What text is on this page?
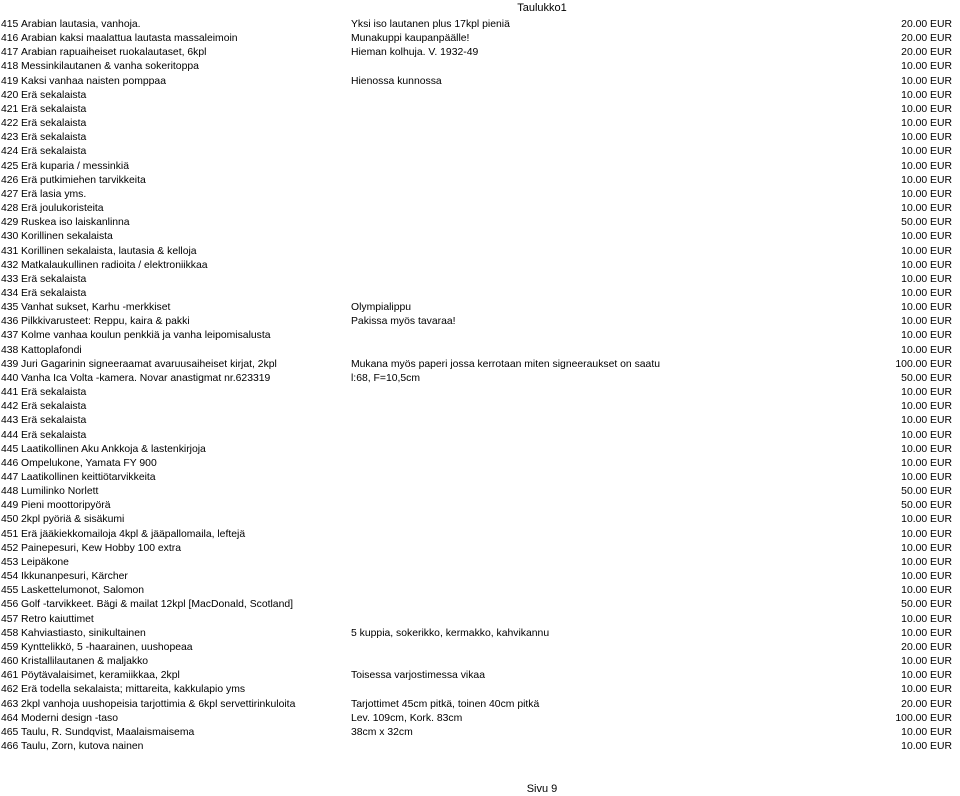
Taulukko1
415 Arabian lautasia, vanhoja.	Yksi iso lautanen plus 17kpl pieniä	20.00 EUR
416 Arabian kaksi maalattua lautasta massaleimoin	Munakuppi kaupanpäälle!	20.00 EUR
417 Arabian rapuaiheiset ruokalautaset, 6kpl	Hieman kolhuja. V. 1932-49	20.00 EUR
418 Messinkilautanen & vanha sokeritoppa	10.00 EUR
419 Kaksi vanhaa naisten pomppaa	Hienossa kunnossa	10.00 EUR
420 Erä sekalaista	10.00 EUR
421 Erä sekalaista	10.00 EUR
422 Erä sekalaista	10.00 EUR
423 Erä sekalaista	10.00 EUR
424 Erä sekalaista	10.00 EUR
425 Erä kuparia / messinkiä	10.00 EUR
426 Erä putkimiehen tarvikkeita	10.00 EUR
427 Erä lasia yms.	10.00 EUR
428 Erä joulukoristeita	10.00 EUR
429 Ruskea iso laiskanlinna	50.00 EUR
430 Korillinen sekalaista	10.00 EUR
431 Korillinen sekalaista, lautasia & kelloja	10.00 EUR
432 Matkalaukullinen radioita / elektroniikkaa	10.00 EUR
433 Erä sekalaista	10.00 EUR
434 Erä sekalaista	10.00 EUR
435 Vanhat sukset, Karhu -merkkiset	Olympialippu	10.00 EUR
436 Pilkkivarusteet: Reppu, kaira & pakki	Pakissa myös tavaraa!	10.00 EUR
437 Kolme vanhaa koulun penkkiä ja vanha leipomisalusta	10.00 EUR
438 Kattoplafondi	10.00 EUR
439 Juri Gagarinin signeeraamat avaruusaiheiset kirjat, 2kpl	Mukana myös paperi jossa kerrotaan miten signeeraukset on saatu	100.00 EUR
440 Vanha Ica Volta -kamera. Novar anastigmat nr.623319	l:68, F=10,5cm	50.00 EUR
441 Erä sekalaista	10.00 EUR
442 Erä sekalaista	10.00 EUR
443 Erä sekalaista	10.00 EUR
444 Erä sekalaista	10.00 EUR
445 Laatikollinen Aku Ankkoja & lastenkirjoja	10.00 EUR
446 Ompelukone, Yamata FY 900	10.00 EUR
447 Laatikollinen keittiötarvikkeita	10.00 EUR
448 Lumilinko Norlett	50.00 EUR
449 Pieni moottoripyörä	50.00 EUR
450 2kpl pyöriä & sisäkumi	10.00 EUR
451 Erä jääkiekkomailoja 4kpl & jääpallomaila, leftejä	10.00 EUR
452 Painepesuri, Kew Hobby 100 extra	10.00 EUR
453 Leipäkone	10.00 EUR
454 Ikkunanpesuri, Kärcher	10.00 EUR
455 Laskettelumonot, Salomon	10.00 EUR
456 Golf -tarvikkeet. Bägi & mailat 12kpl [MacDonald, Scotland]	50.00 EUR
457 Retro kaiuttimet	10.00 EUR
458 Kahviastiasto, sinikultainen	5 kuppia, sokerikko, kermakko, kahvikannu	10.00 EUR
459 Kynttelikkö, 5 -haarainen, uushopeaa	20.00 EUR
460 Kristallilautanen & maljakko	10.00 EUR
461 Pöytävalaisimet, keramiikkaa, 2kpl	Toisessa varjostimessa vikaa	10.00 EUR
462 Erä todella sekalaista; mittareita, kakkulapio yms	10.00 EUR
463 2kpl vanhoja uushopeisia tarjottimia & 6kpl servettirinkuloita	Tarjottimet 45cm pitkä, toinen 40cm pitkä	20.00 EUR
464 Moderni design -taso	Lev. 109cm, Kork. 83cm	100.00 EUR
465 Taulu, R. Sundqvist, Maalaismaisema	38cm x 32cm	10.00 EUR
466 Taulu, Zorn, kutova nainen	10.00 EUR
Sivu 9
